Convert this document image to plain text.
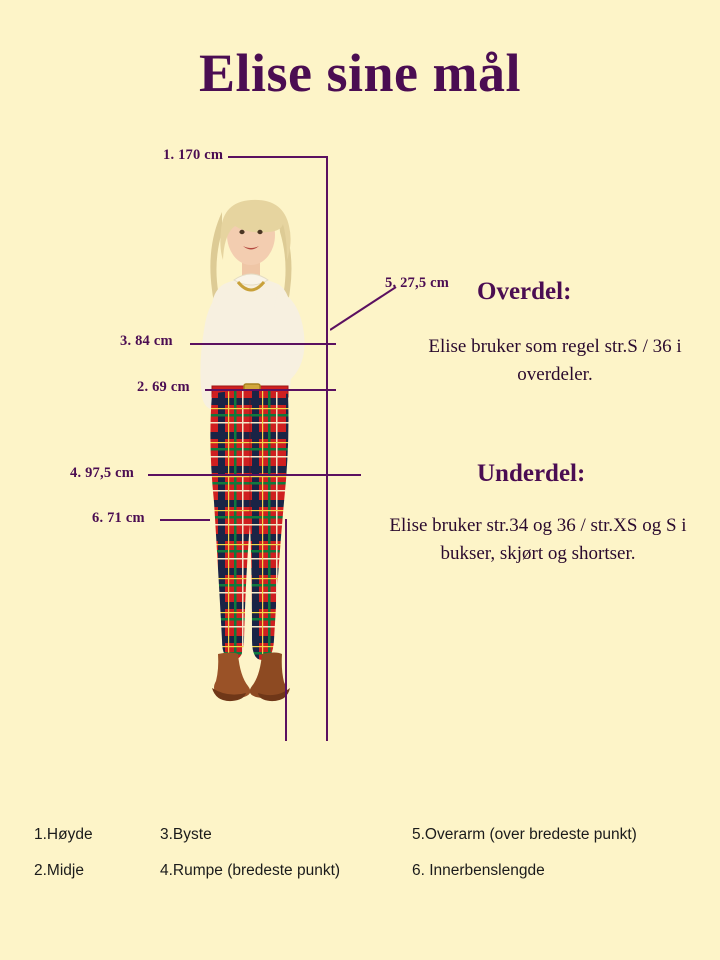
Elise sine mål
1. 170 cm
5. 27,5 cm
3. 84 cm
2. 69 cm
4. 97,5 cm
6. 71 cm
Overdel:
Elise bruker som regel str.S / 36 i overdeler.
Underdel:
Elise bruker str.34 og 36 / str.XS og S i bukser, skjørt og shortser.
1.Høyde
2.Midje
3.Byste
4.Rumpe (bredeste punkt)
5.Overarm (over bredeste punkt)
6. Innerbenslengde
